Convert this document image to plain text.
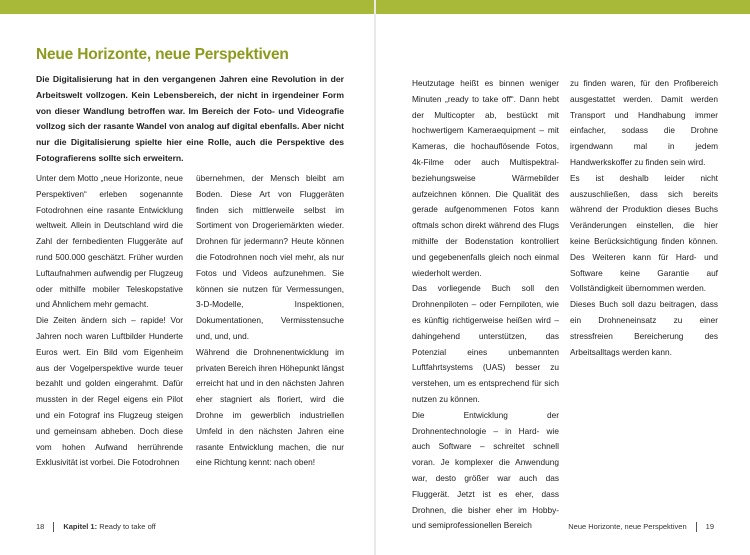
Neue Horizonte, neue Perspektiven
Die Digitalisierung hat in den vergangenen Jahren eine Revolution in der Arbeitswelt vollzogen. Kein Lebensbereich, der nicht in irgendeiner Form von dieser Wandlung betroffen war. Im Bereich der Foto- und Videografie vollzog sich der rasante Wandel von analog auf digital ebenfalls. Aber nicht nur die Digitalisierung spielte hier eine Rolle, auch die Perspektive des Fotografierens sollte sich erweitern.

Unter dem Motto „neue Horizonte, neue Perspektiven“ erleben sogenannte Fotodrohnen eine rasante Entwicklung weltweit. Allein in Deutschland wird die Zahl der fernbedienten Fluggeräte auf rund 500.000 geschätzt. Früher wurden Luftaufnahmen aufwendig per Flugzeug oder mithilfe mobiler Teleskopstative und Ähnlichem mehr gemacht.

Die Zeiten ändern sich – rapide! Vor Jahren noch waren Luftbilder Hunderte Euros wert. Ein Bild vom Eigenheim aus der Vogelperspektive wurde teuer bezahlt und golden eingerahmt. Dafür mussten in der Regel eigens ein Pilot und ein Fotograf ins Flugzeug steigen und gemeinsam abheben. Doch diese vom hohen Aufwand herrührende Exklusivität ist vorbei. Die Fotodrohnen

übernehmen, der Mensch bleibt am Boden. Diese Art von Fluggeräten finden sich mittlerweile selbst im Sortiment von Drogeriemärkten wieder. Drohnen für jedermann? Heute können die Fotodrohnen noch viel mehr, als nur Fotos und Videos aufzunehmen. Sie können sie nutzen für Vermessungen, 3-D-Modelle, Inspektionen, Dokumentationen, Vermisstensuche und, und, und.

Während die Drohnenentwicklung im privaten Bereich ihren Höhepunkt längst erreicht hat und in den nächsten Jahren eher stagniert als floriert, wird die Drohne im gewerblich industriellen Umfeld in den nächsten Jahren eine rasante Entwicklung machen, die nur eine Richtung kennt: nach oben!

18	Kapitel 1: Ready to take off

Heutzutage heißt es binnen weniger Minuten „ready to take off“. Dann hebt der Multicopter ab, bestückt mit hochwertigem Kameraequipment – mit Kameras, die hochauflösende Fotos, 4k-Filme oder auch Multispektral- beziehungsweise Wärmebilder aufzeichnen können. Die Qualität des gerade aufgenommenen Fotos kann oftmals schon direkt während des Flugs mithilfe der Bodenstation kontrolliert und gegebenenfalls gleich noch einmal wiederholt werden.

Das vorliegende Buch soll den Drohnenpiloten – oder Fernpiloten, wie es künftig richtigerweise heißen wird – dahingehend unterstützen, das Potenzial eines unbemannten Luftfahrtsystems (UAS) besser zu verstehen, um es entsprechend für sich nutzen zu können.

Die Entwicklung der Drohnentechnologie – in Hard- wie auch Software – schreitet schnell voran. Je komplexer die Anwendung war, desto größer war auch das Fluggerät. Jetzt ist es eher, dass Drohnen, die bisher eher im Hobby- und semiprofessionellen Bereich

zu finden waren, für den Profibereich ausgestattet werden. Damit werden Transport und Handhabung immer einfacher, sodass die Drohne irgendwann mal in jedem Handwerkskoffer zu finden sein wird.

Es ist deshalb leider nicht auszuschließen, dass sich bereits während der Produktion dieses Buchs Veränderungen einstellen, die hier keine Berücksichtigung finden können. Des Weiteren kann für Hard- und Software keine Garantie auf Vollständigkeit übernommen werden.

Dieses Buch soll dazu beitragen, dass ein Drohneneinsatz zu einer stressfreien Bereicherung des Arbeitsalltags werden kann.

Neue Horizonte, neue Perspektiven	19
